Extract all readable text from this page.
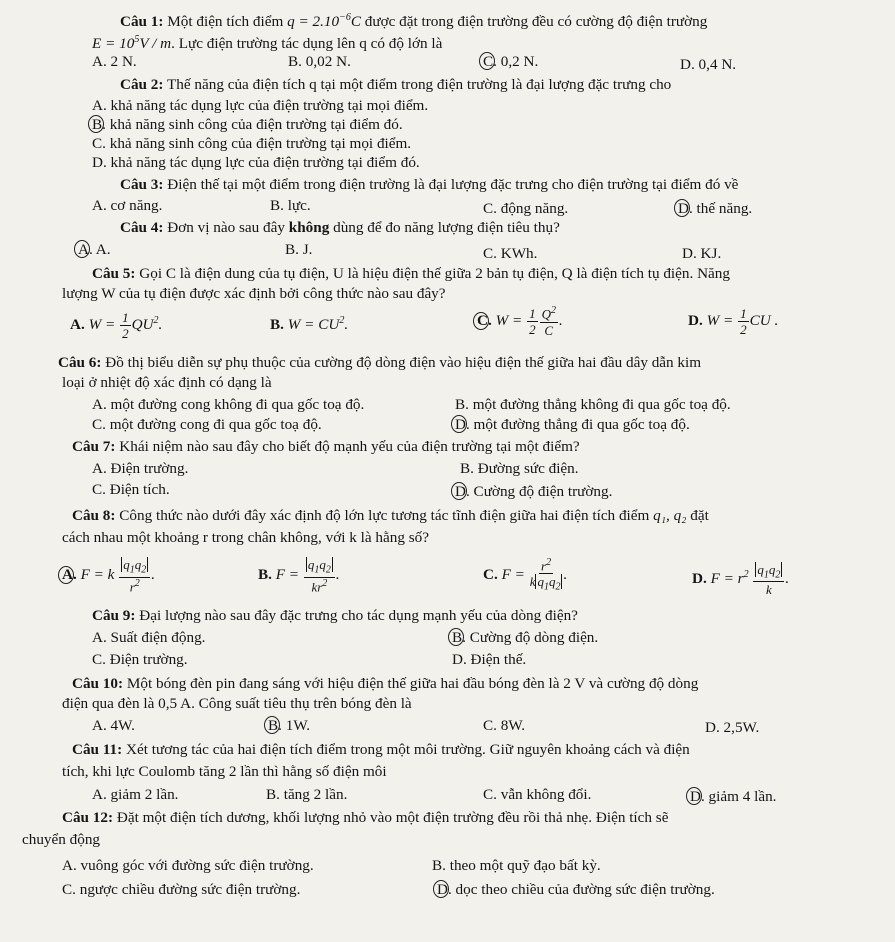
Câu 1: Một điện tích điểm $q = 2.10^{-6}C$ được đặt trong điện trường đều có cường độ điện trường
$E = 10^5V / m$. Lực điện trường tác dụng lên q có độ lớn là
A. 2 N.	B. 0,02 N.	C. 0,2 N.	D. 0,4 N.
Câu 2: Thế năng của điện tích q tại một điểm trong điện trường là đại lượng đặc trưng cho
A. khả năng tác dụng lực của điện trường tại mọi điểm.
B. khả năng sinh công của điện trường tại điểm đó.
C. khả năng sinh công của điện trường tại mọi điểm.
D. khả năng tác dụng lực của điện trường tại điểm đó.
Câu 3: Điện thế tại một điểm trong điện trường là đại lượng đặc trưng cho điện trường tại điểm đó về
A. cơ năng.	B. lực.	C. động năng.	D. thế năng.
Câu 4: Đơn vị nào sau đây không dùng để đo năng lượng điện tiêu thụ?
A. A.	B. J.	C. KWh.	D. KJ.
Câu 5: Gọi C là điện dung của tụ điện, U là hiệu điện thế giữa 2 bản tụ điện, Q là điện tích tụ điện. Năng
lượng W của tụ điện được xác định bởi công thức nào sau đây?
A. $W = \frac{1}{2} QU^2$.	B. $W = CU^2$.	C. $W = \frac{1}{2} \frac{Q^2}{C}$ .	D. $W = \frac{1}{2}$ CU .
Câu 6: Đồ thị biểu diễn sự phụ thuộc của cường độ dòng điện vào hiệu điện thế giữa hai đầu dây dẫn kim
loại ở nhiệt độ xác định có dạng là
A. một đường cong không đi qua gốc toạ độ.	B. một đường thẳng không đi qua gốc toạ độ.
C. một đường cong đi qua gốc toạ độ.	D. một đường thẳng đi qua gốc toạ độ.
Câu 7: Khái niệm nào sau đây cho biết độ mạnh yếu của điện trường tại một điểm?
A. Điện trường.	B. Đường sức điện.
C. Điện tích.	D. Cường độ điện trường.
Câu 8: Công thức nào dưới đây xác định độ lớn lực tương tác tĩnh điện giữa hai điện tích điểm q₁, q₂ đặt
cách nhau một khoảng r trong chân không, với k là hằng số?
A. F = k $\frac{q_1q_2}{r^2}$ .	B. $F = \frac{q_1q_2}{kr^2}$ .	C. $F = \frac{r^2}{k q_1q_2}$ .	D. $F = r^2 \frac{q_1q_2}{k}$ .
Câu 9: Đại lượng nào sau đây đặc trưng cho tác dụng mạnh yếu của dòng điện?
A. Suất điện động.	B. Cường độ dòng điện.
C. Điện trường.	D. Điện thế.
Câu 10: Một bóng đèn pin đang sáng với hiệu điện thế giữa hai đầu bóng đèn là 2 V và cường độ dòng
điện qua đèn là 0,5 A. Công suất tiêu thụ trên bóng đèn là
A. 4W.	B. 1W.	C. 8W.	D. 2,5W.
Câu 11: Xét tương tác của hai điện tích điểm trong một môi trường. Giữ nguyên khoảng cách và điện
tích, khi lực Coulomb tăng 2 lần thì hằng số điện môi
A. giảm 2 lần.	B. tăng 2 lần.	C. vẫn không đổi.	D. giảm 4 lần.
Câu 12: Đặt một điện tích dương, khối lượng nhỏ vào một điện trường đều rồi thả nhẹ. Điện tích sẽ
chuyển động
A. vuông góc với đường sức điện trường.	B. theo một quỹ đạo bất kỳ.
C. ngược chiều đường sức điện trường.	D. dọc theo chiều của đường sức điện trường.
